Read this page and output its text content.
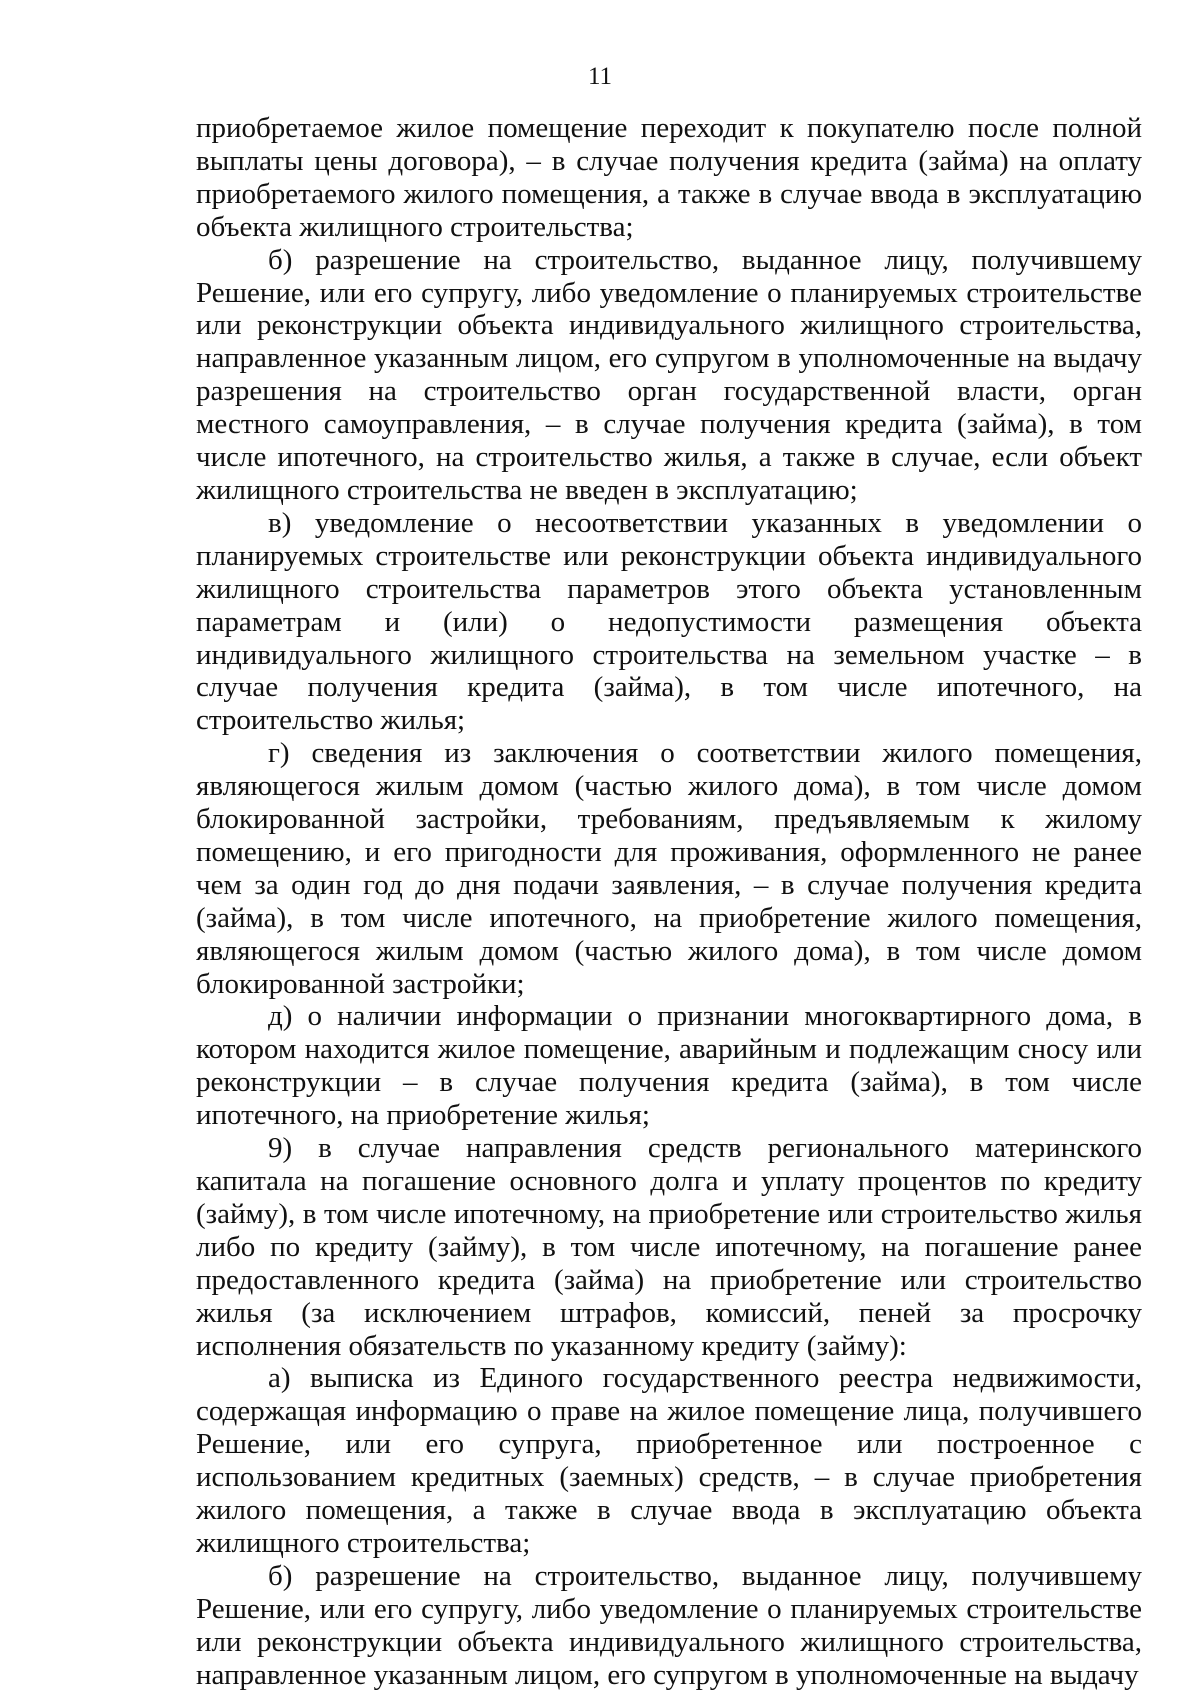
11

приобретаемое жилое помещение переходит к покупателю после полной выплаты цены договора), – в случае получения кредита (займа) на оплату приобретаемого жилого помещения, а также в случае ввода в эксплуатацию объекта жилищного строительства;

б) разрешение на строительство, выданное лицу, получившему Решение, или его супругу, либо уведомление о планируемых строительстве или реконструкции объекта индивидуального жилищного строительства, направленное указанным лицом, его супругом в уполномоченные на выдачу разрешения на строительство орган государственной власти, орган местного самоуправления, – в случае получения кредита (займа), в том числе ипотечного, на строительство жилья, а также в случае, если объект жилищного строительства не введен в эксплуатацию;

в) уведомление о несоответствии указанных в уведомлении о планируемых строительстве или реконструкции объекта индивидуального жилищного строительства параметров этого объекта установленным параметрам и (или) о недопустимости размещения объекта индивидуального жилищного строительства на земельном участке – в случае получения кредита (займа), в том числе ипотечного, на строительство жилья;

г) сведения из заключения о соответствии жилого помещения, являющегося жилым домом (частью жилого дома), в том числе домом блокированной застройки, требованиям, предъявляемым к жилому помещению, и его пригодности для проживания, оформленного не ранее чем за один год до дня подачи заявления, – в случае получения кредита (займа), в том числе ипотечного, на приобретение жилого помещения, являющегося жилым домом (частью жилого дома), в том числе домом блокированной застройки;

д) о наличии информации о признании многоквартирного дома, в котором находится жилое помещение, аварийным и подлежащим сносу или реконструкции – в случае получения кредита (займа), в том числе ипотечного, на приобретение жилья;

9) в случае направления средств регионального материнского капитала на погашение основного долга и уплату процентов по кредиту (займу), в том числе ипотечному, на приобретение или строительство жилья либо по кредиту (займу), в том числе ипотечному, на погашение ранее предоставленного кредита (займа) на приобретение или строительство жилья (за исключением штрафов, комиссий, пеней за просрочку исполнения обязательств по указанному кредиту (займу):

а) выписка из Единого государственного реестра недвижимости, содержащая информацию о праве на жилое помещение лица, получившего Решение, или его супруга, приобретенное или построенное с использованием кредитных (заемных) средств, – в случае приобретения жилого помещения, а также в случае ввода в эксплуатацию объекта жилищного строительства;

б) разрешение на строительство, выданное лицу, получившему Решение, или его супругу, либо уведомление о планируемых строительстве или реконструкции объекта индивидуального жилищного строительства, направленное указанным лицом, его супругом в уполномоченные на выдачу
